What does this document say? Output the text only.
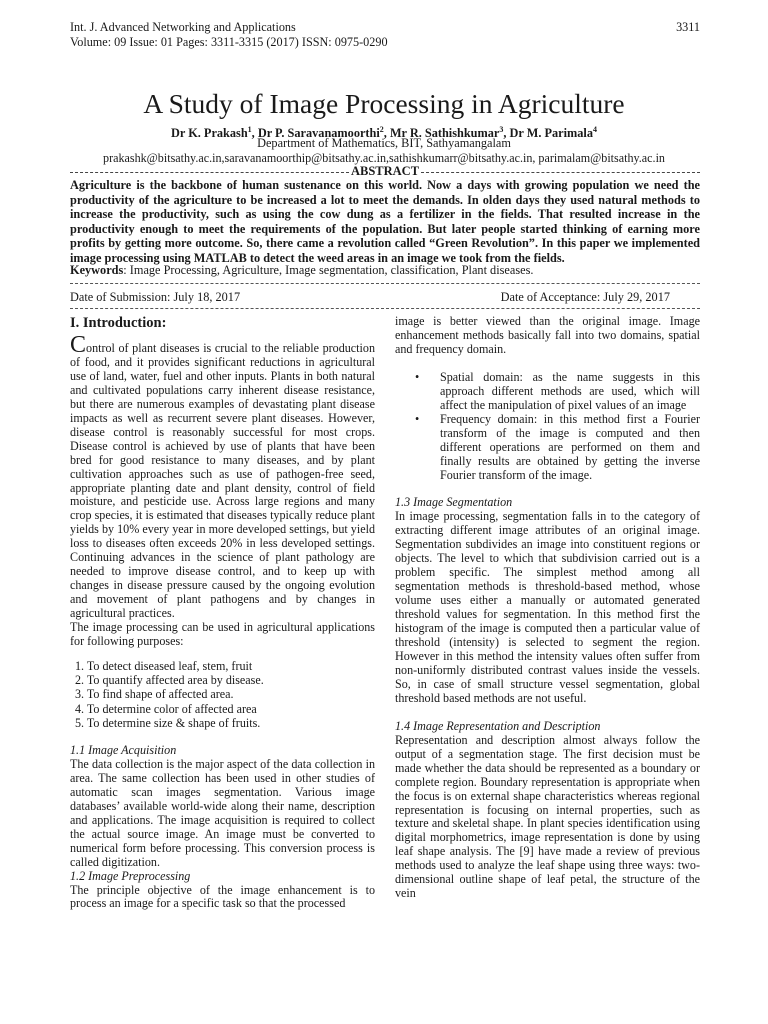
Int. J. Advanced Networking and Applications
Volume: 09 Issue: 01 Pages: 3311-3315 (2017) ISSN: 0975-0290
3311
A Study of Image Processing in Agriculture
Dr K. Prakash$^1$, Dr P. Saravanamoorthi$^2$, Mr R. Sathishkumar$^3$, Dr M. Parimala$^4$
Department of Mathematics, BIT, Sathyamangalam
prakashk@bitsathy.ac.in,saravanamoorthip@bitsathy.ac.in,sathishkumarr@bitsathy.ac.in, parimalam@bitsathy.ac.in
ABSTRACT

Agriculture is the backbone of human sustenance on this world. Now a days with growing population we need the productivity of the agriculture to be increased a lot to meet the demands. In olden days they used natural methods to increase the productivity, such as using the cow dung as a fertilizer in the fields. That resulted increase in the productivity enough to meet the requirements of the population. But later people started thinking of earning more profits by getting more outcome. So, there came a revolution called “Green Revolution”. In this paper we implemented image processing using MATLAB to detect the weed areas in an image we took from the fields.

Keywords: Image Processing, Agriculture, Image segmentation, classification, Plant diseases.

Date of Submission: July 18, 2017	Date of Acceptance: July 29, 2017
I. Introduction:

Control of plant diseases is crucial to the reliable production of food, and it provides significant reductions in agricultural use of land, water, fuel and other inputs. Plants in both natural and cultivated populations carry inherent disease resistance, but there are numerous examples of devastating plant disease impacts as well as recurrent severe plant diseases. However, disease control is reasonably successful for most crops. Disease control is achieved by use of plants that have been bred for good resistance to many diseases, and by plant cultivation approaches such as use of pathogen-free seed, appropriate planting date and plant density, control of field moisture, and pesticide use. Across large regions and many crop species, it is estimated that diseases typically reduce plant yields by 10% every year in more developed settings, but yield loss to diseases often exceeds 20% in less developed settings. Continuing advances in the science of plant pathology are needed to improve disease control, and to keep up with changes in disease pressure caused by the ongoing evolution and movement of plant pathogens and by changes in agricultural practices.

The image processing can be used in agricultural applications for following purposes:

1. To detect diseased leaf, stem, fruit
2. To quantify affected area by disease.
3. To find shape of affected area.
4. To determine color of affected area
5. To determine size & shape of fruits.
1.1 Image Acquisition

The data collection is the major aspect of the data collection in area. The same collection has been used in other studies of automatic scan images segmentation. Various image databases’ available world-wide along their name, description and applications. The image acquisition is required to collect the actual source image. An image must be converted to numerical form before processing. This conversion process is called digitization.

1.2 Image Preprocessing

The principle objective of the image enhancement is to process an image for a specific task so that the processed

image is better viewed than the original image. Image enhancement methods basically fall into two domains, spatial and frequency domain.

• Spatial domain: as the name suggests in this approach different methods are used, which will affect the manipulation of pixel values of an image
• Frequency domain: in this method first a Fourier transform of the image is computed and then different operations are performed on them and finally results are obtained by getting the inverse Fourier transform of the image.
1.3 Image Segmentation

In image processing, segmentation falls in to the category of extracting different image attributes of an original image. Segmentation subdivides an image into constituent regions or objects. The level to which that subdivision carried out is a problem specific. The simplest method among all segmentation methods is threshold-based method, whose volume uses either a manually or automated generated threshold values for segmentation. In this method first the histogram of the image is computed then a particular value of threshold (intensity) is selected to segment the region. However in this method the intensity values often suffer from non-uniformly distributed contrast values inside the vessels. So, in case of small structure vessel segmentation, global threshold based methods are not useful.

1.4 Image Representation and Description

Representation and description almost always follow the output of a segmentation stage. The first decision must be made whether the data should be represented as a boundary or complete region. Boundary representation is appropriate when the focus is on external shape characteristics whereas regional representation is focusing on internal properties, such as texture and skeletal shape. In plant species identification using digital morphometrics, image representation is done by using leaf shape analysis. The [9] have made a review of previous methods used to analyze the leaf shape using three ways: two-dimensional outline shape of leaf petal, the structure of the vein
